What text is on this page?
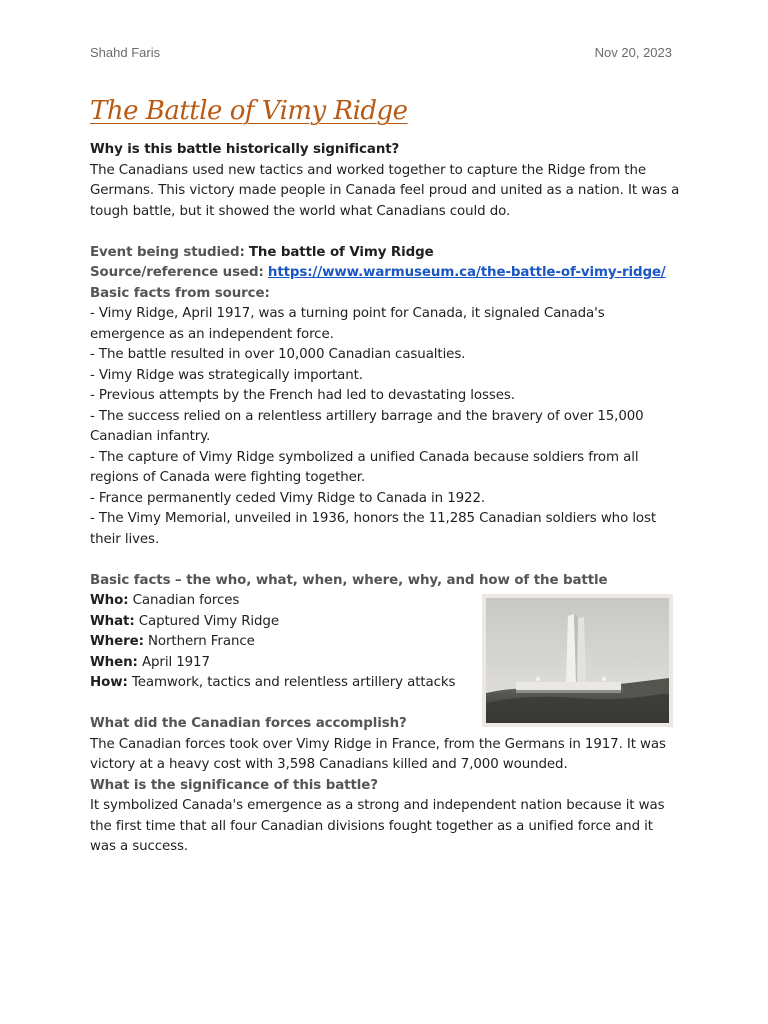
Shahd Faris	Nov 20, 2023
The Battle of Vimy Ridge

Why is this battle historically significant?

The Canadians used new tactics and worked together to capture the Ridge from the Germans. This victory made people in Canada feel proud and united as a nation. It was a tough battle, but it showed the world what Canadians could do.

Event being studied: The battle of Vimy Ridge

Source/reference used: https://www.warmuseum.ca/the-battle-of-vimy-ridge/

Basic facts from source:

- Vimy Ridge, April 1917, was a turning point for Canada, it signaled Canada's emergence as an independent force.

- The battle resulted in over 10,000 Canadian casualties.

- Vimy Ridge was strategically important.

- Previous attempts by the French had led to devastating losses.

- The success relied on a relentless artillery barrage and the bravery of over 15,000 Canadian infantry.

- The capture of Vimy Ridge symbolized a unified Canada because soldiers from all regions of Canada were fighting together.

- France permanently ceded Vimy Ridge to Canada in 1922.

- The Vimy Memorial, unveiled in 1936, honors the 11,285 Canadian soldiers who lost their lives.

Basic facts – the who, what, when, where, why, and how of the battle

Who: Canadian forces

What: Captured Vimy Ridge

Where: Northern France

When: April 1917

How: Teamwork, tactics and relentless artillery attacks

What did the Canadian forces accomplish?

The Canadian forces took over Vimy Ridge in France, from the Germans in 1917. It was victory at a heavy cost with 3,598 Canadians killed and 7,000 wounded.

What is the significance of this battle?

It symbolized Canada's emergence as a strong and independent nation because it was the first time that all four Canadian divisions fought together as a unified force and it was a success.
